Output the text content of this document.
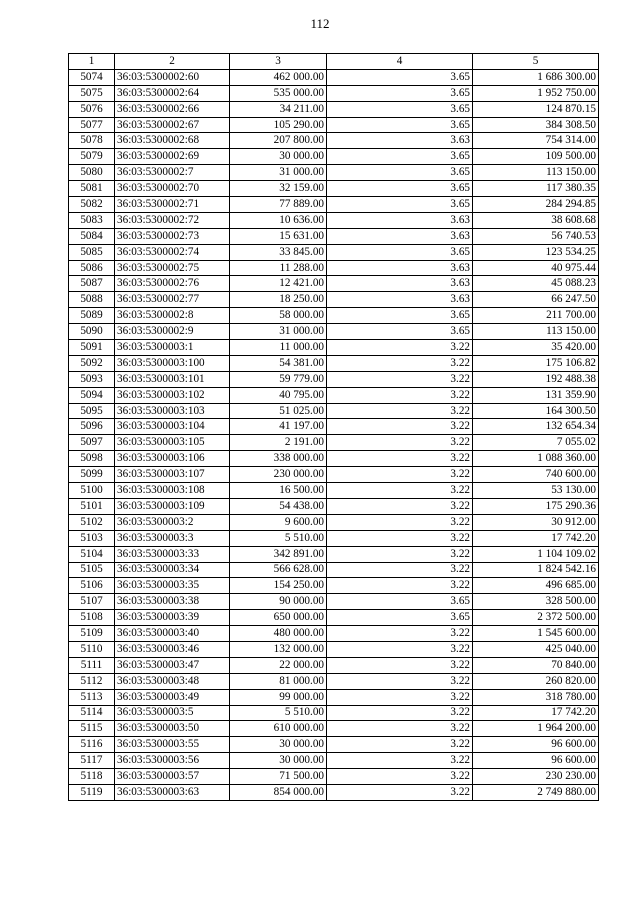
112
1	2	3	4	5
5074	36:03:5300002:60	462 000.00	3.65	1 686 300.00
5075	36:03:5300002:64	535 000.00	3.65	1 952 750.00
5076	36:03:5300002:66	34 211.00	3.65	124 870.15
5077	36:03:5300002:67	105 290.00	3.65	384 308.50
5078	36:03:5300002:68	207 800.00	3.63	754 314.00
5079	36:03:5300002:69	30 000.00	3.65	109 500.00
5080	36:03:5300002:7	31 000.00	3.65	113 150.00
5081	36:03:5300002:70	32 159.00	3.65	117 380.35
5082	36:03:5300002:71	77 889.00	3.65	284 294.85
5083	36:03:5300002:72	10 636.00	3.63	38 608.68
5084	36:03:5300002:73	15 631.00	3.63	56 740.53
5085	36:03:5300002:74	33 845.00	3.65	123 534.25
5086	36:03:5300002:75	11 288.00	3.63	40 975.44
5087	36:03:5300002:76	12 421.00	3.63	45 088.23
5088	36:03:5300002:77	18 250.00	3.63	66 247.50
5089	36:03:5300002:8	58 000.00	3.65	211 700.00
5090	36:03:5300002:9	31 000.00	3.65	113 150.00
5091	36:03:5300003:1	11 000.00	3.22	35 420.00
5092	36:03:5300003:100	54 381.00	3.22	175 106.82
5093	36:03:5300003:101	59 779.00	3.22	192 488.38
5094	36:03:5300003:102	40 795.00	3.22	131 359.90
5095	36:03:5300003:103	51 025.00	3.22	164 300.50
5096	36:03:5300003:104	41 197.00	3.22	132 654.34
5097	36:03:5300003:105	2 191.00	3.22	7 055.02
5098	36:03:5300003:106	338 000.00	3.22	1 088 360.00
5099	36:03:5300003:107	230 000.00	3.22	740 600.00
5100	36:03:5300003:108	16 500.00	3.22	53 130.00
5101	36:03:5300003:109	54 438.00	3.22	175 290.36
5102	36:03:5300003:2	9 600.00	3.22	30 912.00
5103	36:03:5300003:3	5 510.00	3.22	17 742.20
5104	36:03:5300003:33	342 891.00	3.22	1 104 109.02
5105	36:03:5300003:34	566 628.00	3.22	1 824 542.16
5106	36:03:5300003:35	154 250.00	3.22	496 685.00
5107	36:03:5300003:38	90 000.00	3.65	328 500.00
5108	36:03:5300003:39	650 000.00	3.65	2 372 500.00
5109	36:03:5300003:40	480 000.00	3.22	1 545 600.00
5110	36:03:5300003:46	132 000.00	3.22	425 040.00
5111	36:03:5300003:47	22 000.00	3.22	70 840.00
5112	36:03:5300003:48	81 000.00	3.22	260 820.00
5113	36:03:5300003:49	99 000.00	3.22	318 780.00
5114	36:03:5300003:5	5 510.00	3.22	17 742.20
5115	36:03:5300003:50	610 000.00	3.22	1 964 200.00
5116	36:03:5300003:55	30 000.00	3.22	96 600.00
5117	36:03:5300003:56	30 000.00	3.22	96 600.00
5118	36:03:5300003:57	71 500.00	3.22	230 230.00
5119	36:03:5300003:63	854 000.00	3.22	2 749 880.00
